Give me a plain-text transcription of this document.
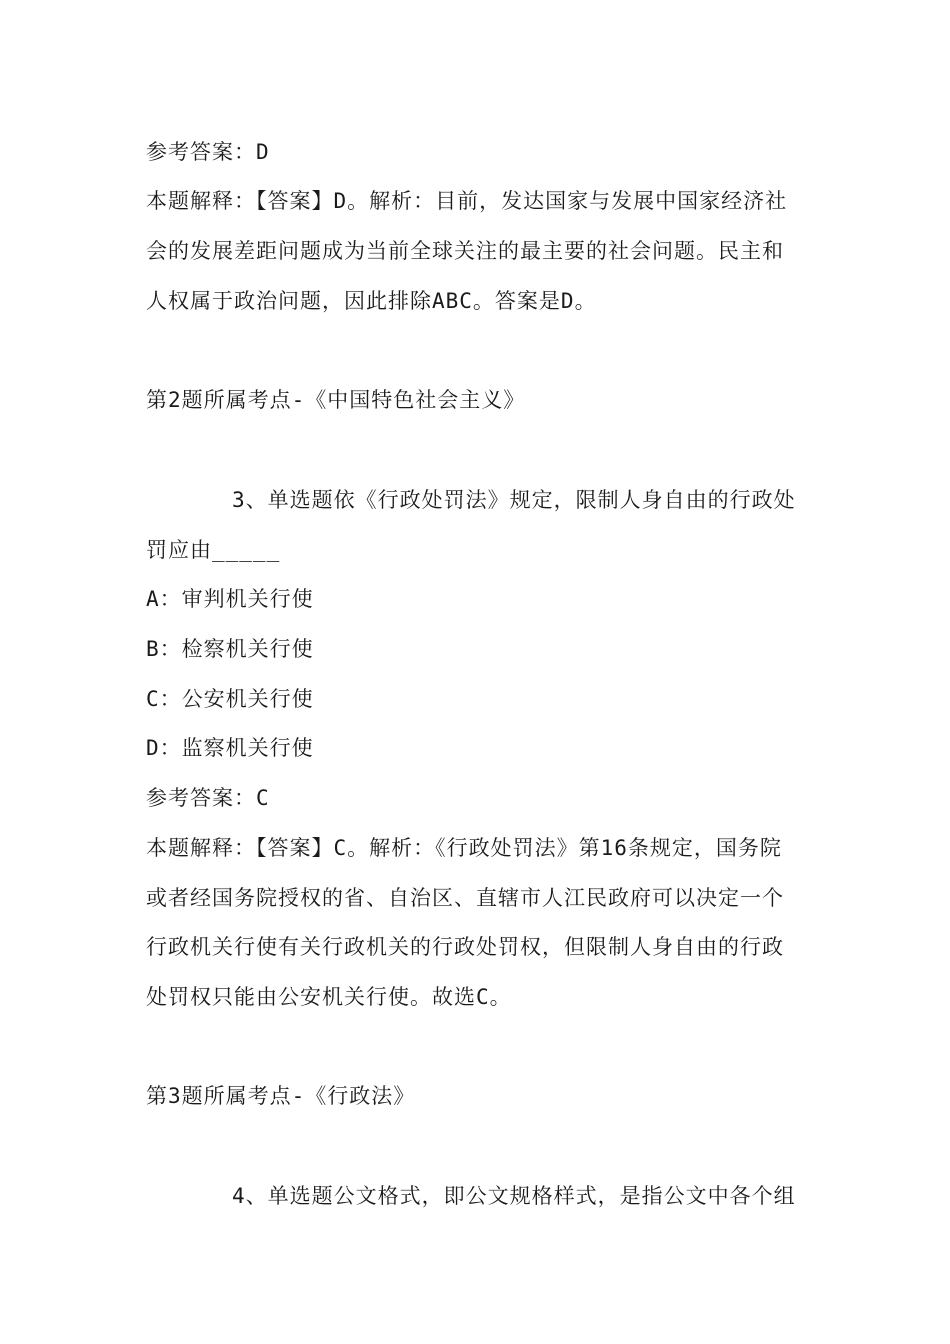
参考答案：D
本题解释：【答案】D。解析：目前，发达国家与发展中国家经济社
会的发展差距问题成为当前全球关注的最主要的社会问题。民主和
人权属于政治问题，因此排除ABC。答案是D。
第2题所属考点-《中国特色社会主义》
3、单选题依《行政处罚法》规定，限制人身自由的行政处
罚应由_____
A：审判机关行使
B：检察机关行使
C：公安机关行使
D：监察机关行使
参考答案：C
本题解释：【答案】C。解析：《行政处罚法》第16条规定，国务院
或者经国务院授权的省、自治区、直辖市人江民政府可以决定一个
行政机关行使有关行政机关的行政处罚权，但限制人身自由的行政
处罚权只能由公安机关行使。故选C。
第3题所属考点-《行政法》
4、单选题公文格式，即公文规格样式，是指公文中各个组
